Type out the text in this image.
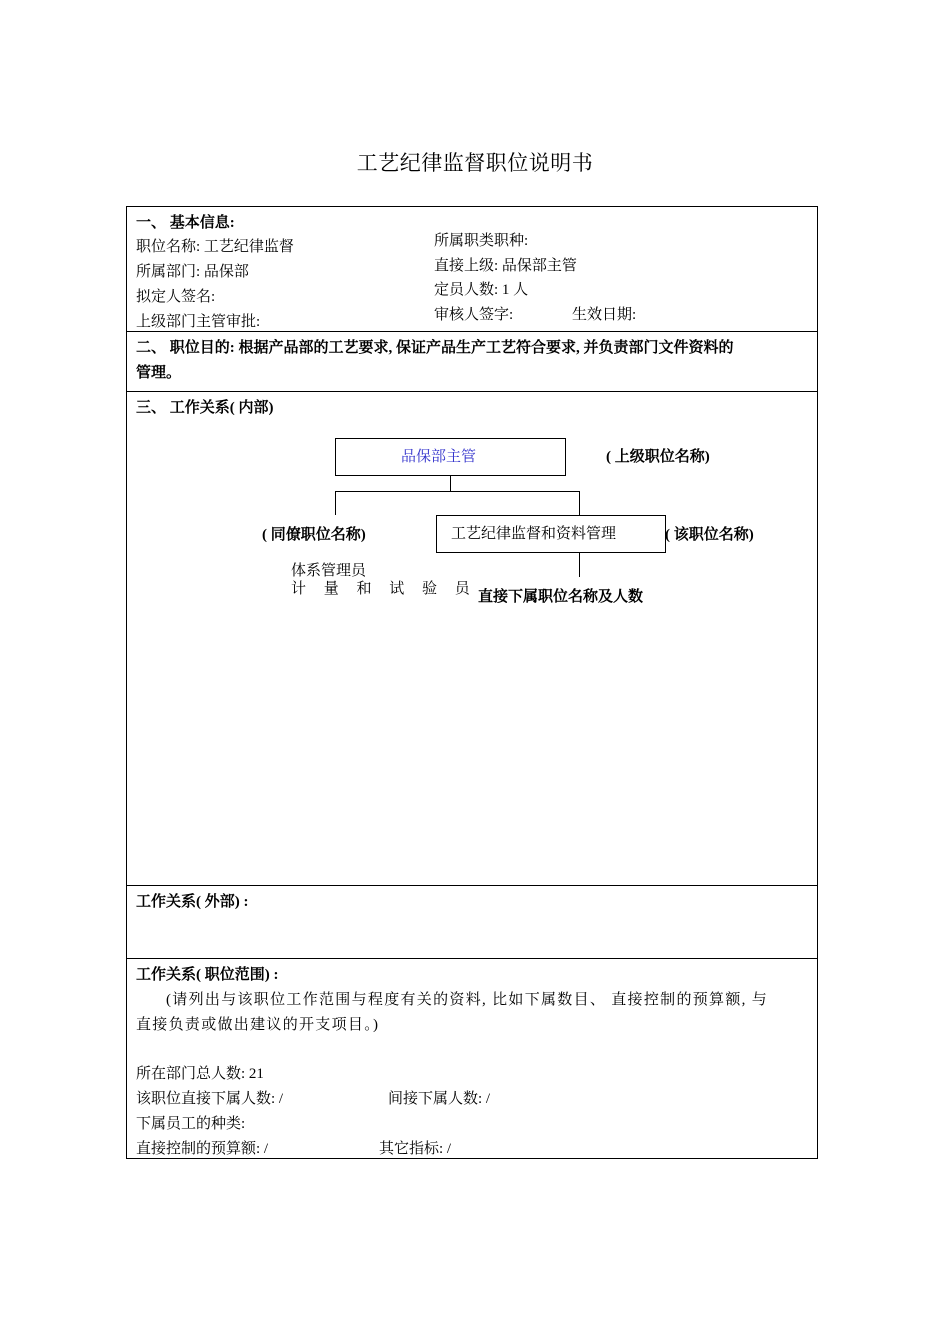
工艺纪律监督职位说明书
一、 基本信息:
职位名称: 工艺纪律监督
所属部门: 品保部
拟定人签名:
上级部门主管审批:
所属职类职种:
直接上级: 品保部主管
定员人数: 1 人
审核人签字:	生效日期:
二、 职位目的: 根据产品部的工艺要求, 保证产品生产工艺符合要求, 并负责部门文件资料的
管理。
三、 工作关系( 内部)
品保部主管	( 上级职位名称)
( 同僚职位名称)	工艺纪律监督和资料管理	( 该职位名称)
体系管理员
计 量 和 试 验 员 直接下属职位名称及人数
工作关系( 外部) :
工作关系( 职位范围) :
(请列出与该职位工作范围与程度有关的资料, 比如下属数目、 直接控制的预算额, 与
直接负责或做出建议的开支项目。)
所在部门总人数: 21
该职位直接下属人数: /	间接下属人数: /
下属员工的种类:
直接控制的预算额: /	其它指标: /
